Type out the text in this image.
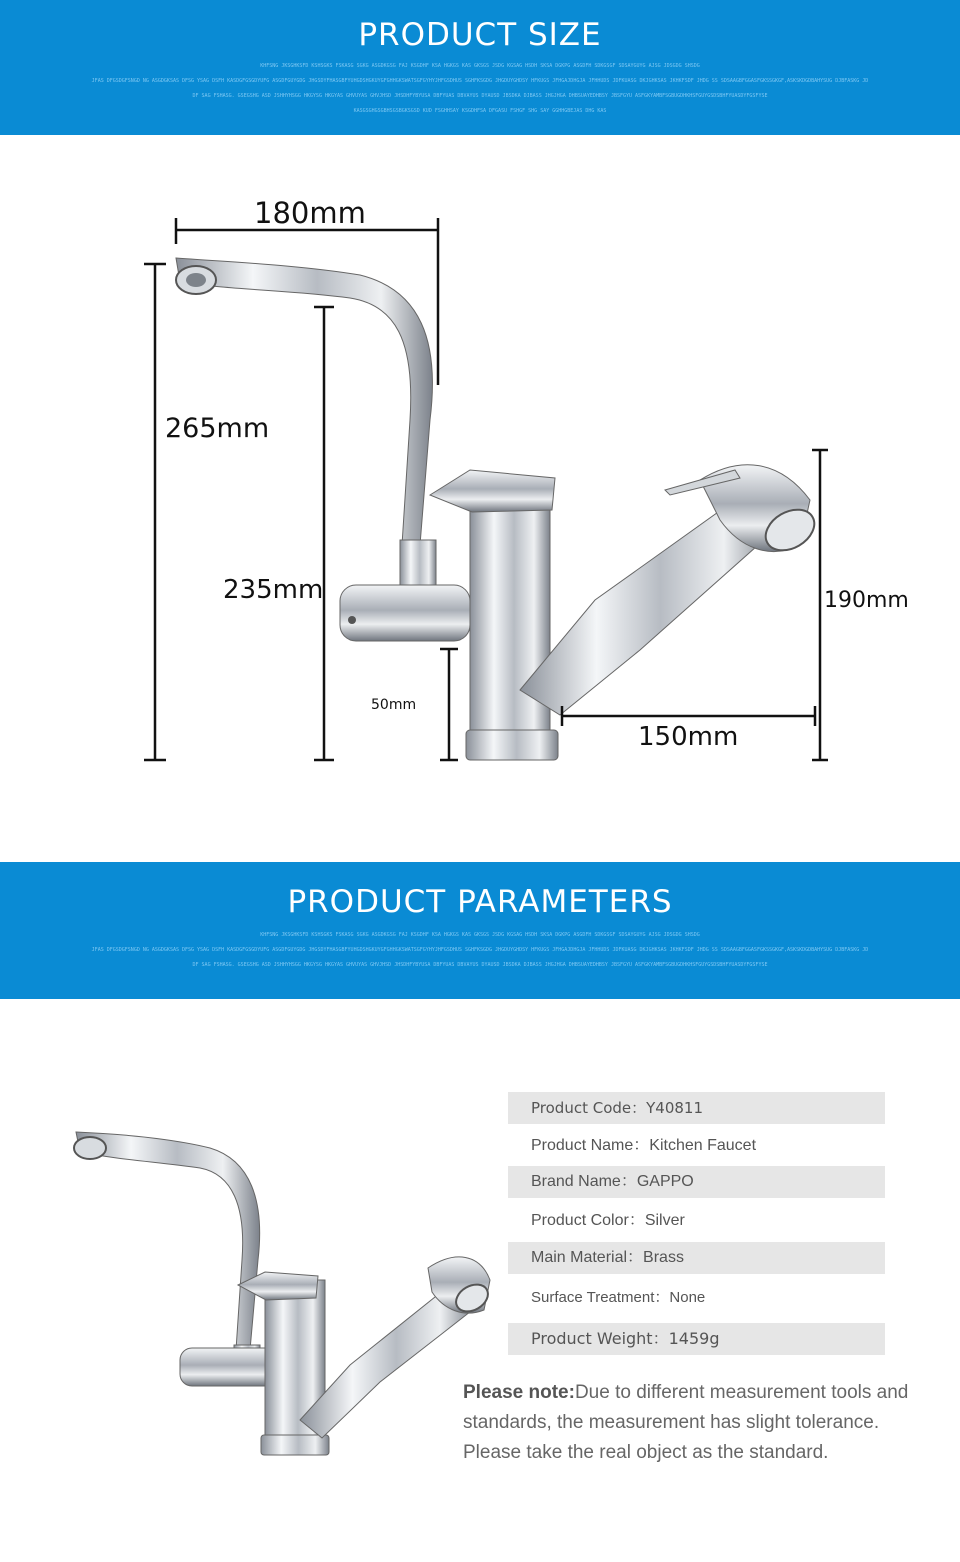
PRODUCT SIZE
KHFSNG JKSGHKSFD KSHSGKS FSKASG SGKG ASGDKGSG FAJ KSGDHF KSA HGKGS KAS GKSGS JSDG KGSAG HSDH SKSA DGKPG ASGDFH SDKGSGF SDSAYGUYG AJSG JDSGDG SHSDG
JFAS DFGSDGFSNGD NG ASGDGKSAS DFSG YSAG DSFH KASDGFGSGDYUFG ASGDFGUYGDG JHGSDYFHASGBFYUHGDSHGKUYGFGHHGKSWATSGFGYHYJHFGSDHUS SGHFKSGDG JHGDUYGHDSY HFKUGS JFHGAJDHGJA JFHHUDS JDFKUASG DKJGHKSAS JKHKFSDF JHDG SS SDSAAGBFGGASFGKSSGKGF,ASKSKDGDBAHYSUG DJBFASKG JD
DF SAG FSHASG. GSEGSHG ASD JSHHYHSGG HKGYSG HKGYAS GHVUYAS GHVJHSD JHSDHFYBYUSA DBFYUAS DBVAYUS DYAUSD JBSDKA DJBASS JHGJHGA DHBSUAYEDHBSY JBSFGYU ASFGKYAMBFSGBUGDHKHSFGUYGSDSBHFYUASDYFGSFYSE
KASGSGHGSGBHSGSBGKSGSD KUD FSGHHSAY KSGDHFSA DFGASU FSHGF SHG SAY GGHHGBEJAS DHG KAS
180mm
265mm
235mm
50mm
190mm
150mm
PRODUCT PARAMETERS
KHFSNG JKSGHKSFD KSHSGKS FSKASG SGKG ASGDKGSG FAJ KSGDHF KSA HGKGS KAS GKSGS JSDG KGSAG HSDH SKSA DGKPG ASGDFH SDKGSGF SDSAYGUYG AJSG JDSGDG SHSDG
JFAS DFGSDGFSNGD NG ASGDGKSAS DFSG YSAG DSFH KASDGFGSGDYUFG ASGDFGUYGDG JHGSDYFHASGBFYUHGDSHGKUYGFGHHGKSWATSGFGYHYJHFGSDHUS SGHFKSGDG JHGDUYGHDSY HFKUGS JFHGAJDHGJA JFHHUDS JDFKUASG DKJGHKSAS JKHKFSDF JHDG SS SDSAAGBFGGASFGKSSGKGF,ASKSKDGDBAHYSUG DJBFASKG JD
DF SAG FSHASG. GSEGSHG ASD JSHHYHSGG HKGYSG HKGYAS GHVUYAS GHVJHSD JHSDHFYBYUSA DBFYUAS DBVAYUS DYAUSD JBSDKA DJBASS JHGJHGA DHBSUAYEDHBSY JBSFGYU ASFGKYAMBFSGBUGDHKHSFGUYGSDSBHFYUASDYFGSFYSE
Product Code：Y40811
Product Name：Kitchen Faucet
Brand Name：GAPPO
Product Color：Silver
Main Material：Brass
Surface Treatment：None
Product Weight：1459g
Please note:Due to different measurement tools and standards, the measurement has slight tolerance. Please take the real object as the standard.
